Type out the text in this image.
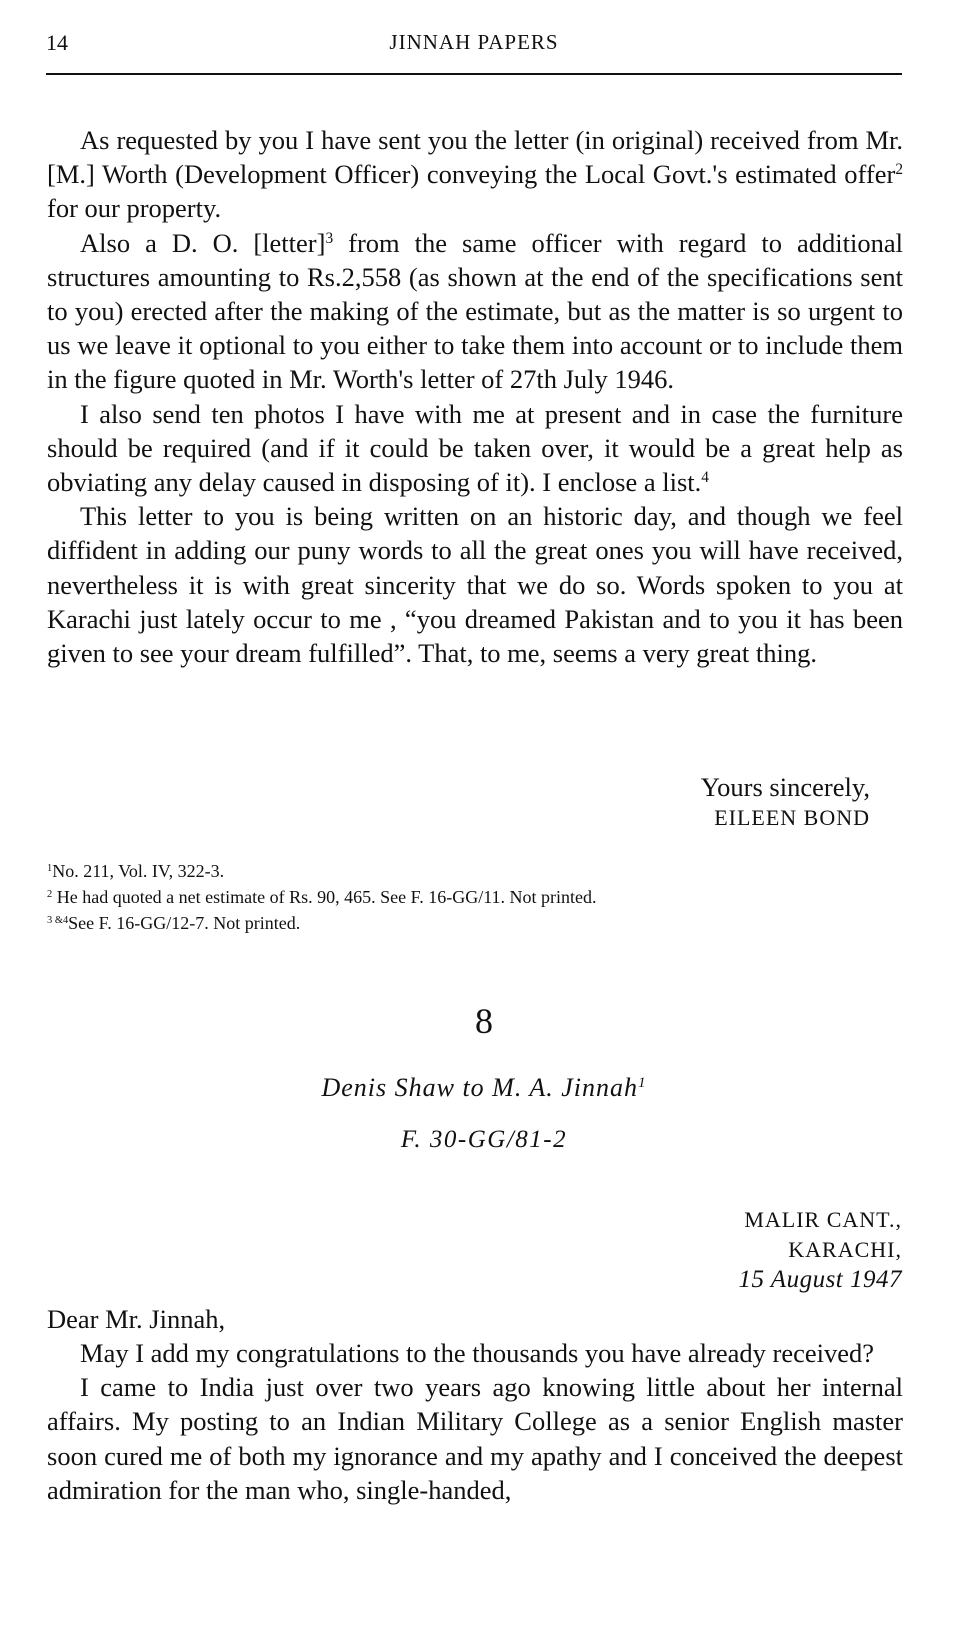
14	JINNAH PAPERS

As requested by you I have sent you the letter (in original) received from Mr. [M.] Worth (Development Officer) conveying the Local Govt.'s estimated offer$^2$ for our property.

Also a D. O. [letter]$^3$ from the same officer with regard to additional structures amounting to Rs.2,558 (as shown at the end of the specifications sent to you) erected after the making of the estimate, but as the matter is so urgent to us we leave it optional to you either to take them into account or to include them in the figure quoted in Mr. Worth's letter of 27th July 1946.

I also send ten photos I have with me at present and in case the furniture should be required (and if it could be taken over, it would be a great help as obviating any delay caused in disposing of it). I enclose a list.$^4$

This letter to you is being written on an historic day, and though we feel diffident in adding our puny words to all the great ones you will have received, nevertheless it is with great sincerity that we do so. Words spoken to you at Karachi just lately occur to me , “you dreamed Pakistan and to you it has been given to see your dream fulfilled”. That, to me, seems a very great thing.

Yours sincerely,
EILEEN BOND
$^1$No. 211, Vol. IV, 322-3.
$^2$ He had quoted a net estimate of Rs. 90, 465. See F. 16-GG/11. Not printed.
$^{3 \&4}$See F. 16-GG/12-7. Not printed.
8
Denis Shaw to M. A. Jinnah$^1$
F. 30-GG/81-2
MALIR CANT.,
KARACHI,
15 August 1947
Dear Mr. Jinnah,

May I add my congratulations to the thousands you have already received?

I came to India just over two years ago knowing little about her internal affairs. My posting to an Indian Military College as a senior English master soon cured me of both my ignorance and my apathy and I conceived the deepest admiration for the man who, single-handed,
